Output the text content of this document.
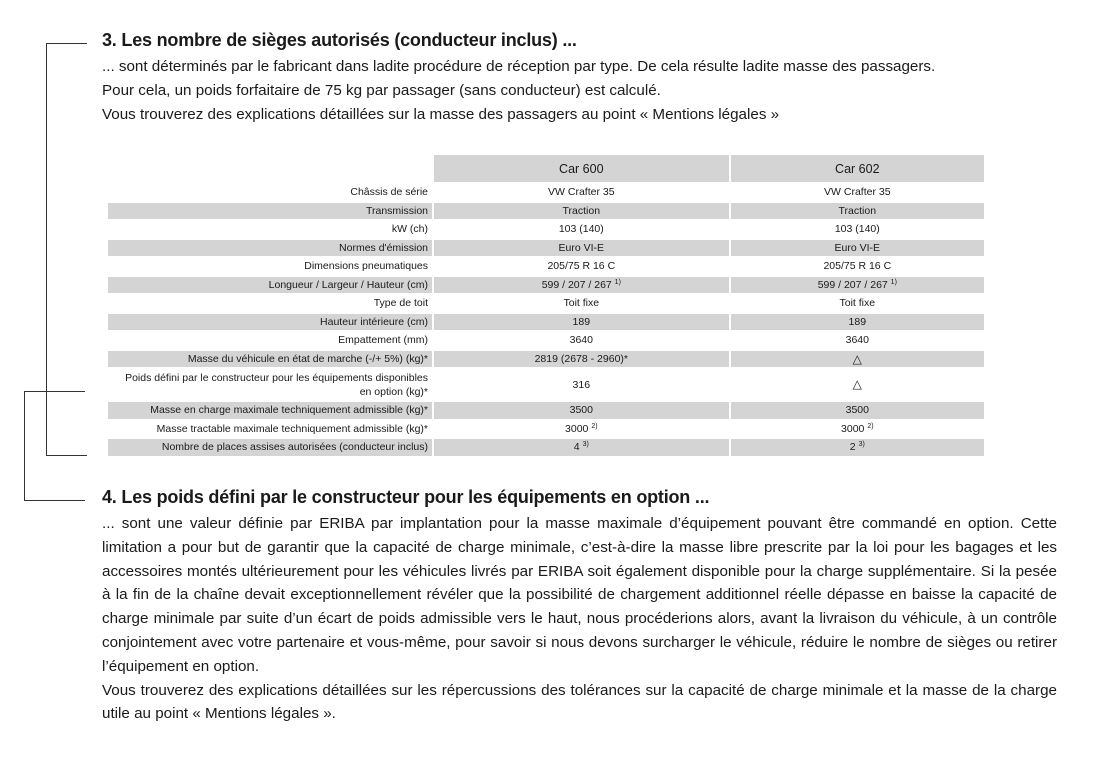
3. Les nombre de sièges autorisés (conducteur inclus) ...

... sont déterminés par le fabricant dans ladite procédure de réception par type. De cela résulte ladite masse des passagers.

Pour cela, un poids forfaitaire de 75 kg par passager (sans conducteur) est calculé.

Vous trouverez des explications détaillées sur la masse des passagers au point « Mentions légales »

	Car 600	Car 602
Châssis de série	VW Crafter 35	VW Crafter 35
Transmission	Traction	Traction
kW (ch)	103 (140)	103 (140)
Normes d'émission	Euro VI-E	Euro VI-E
Dimensions pneumatiques	205/75 R 16 C	205/75 R 16 C
Longueur / Largeur / Hauteur (cm)	599 / 207 / 267 $^{1)}$	599 / 207 / 267 $^{1)}$
Type de toit	Toit fixe	Toit fixe
Hauteur intérieure (cm)	189	189
Empattement (mm)	3640	3640
Masse du véhicule en état de marche (-/+ 5%) (kg)*	2819 (2678 - 2960)*	△
Poids défini par le constructeur pour les équipements disponibles en option (kg)*	316	△
Masse en charge maximale techniquement admissible (kg)*	3500	3500
Masse tractable maximale techniquement admissible (kg)*	3000 $^{2)}$	3000 $^{2)}$
Nombre de places assises autorisées (conducteur inclus)	4 $^{3)}$	2 $^{3)}$
4. Les poids défini par le constructeur pour les équipements en option ...

... sont une valeur définie par ERIBA par implantation pour la masse maximale d’équipement pouvant être commandé en option. Cette limitation a pour but de garantir que la capacité de charge minimale, c’est-à-dire la masse libre prescrite par la loi pour les bagages et les accessoires montés ultérieurement pour les véhicules livrés par ERIBA soit également disponible pour la charge supplémentaire. Si la pesée à la fin de la chaîne devait exceptionnellement révéler que la possibilité de chargement additionnel réelle dépasse en baisse la capacité de charge minimale par suite d’un écart de poids admissible vers le haut, nous procéderions alors, avant la livraison du véhicule, à un contrôle conjointement avec votre partenaire et vous-même, pour savoir si nous devons surcharger le véhicule, réduire le nombre de sièges ou retirer l’équipement en option.

Vous trouverez des explications détaillées sur les répercussions des tolérances sur la capacité de charge minimale et la masse de la charge utile au point « Mentions légales ».
